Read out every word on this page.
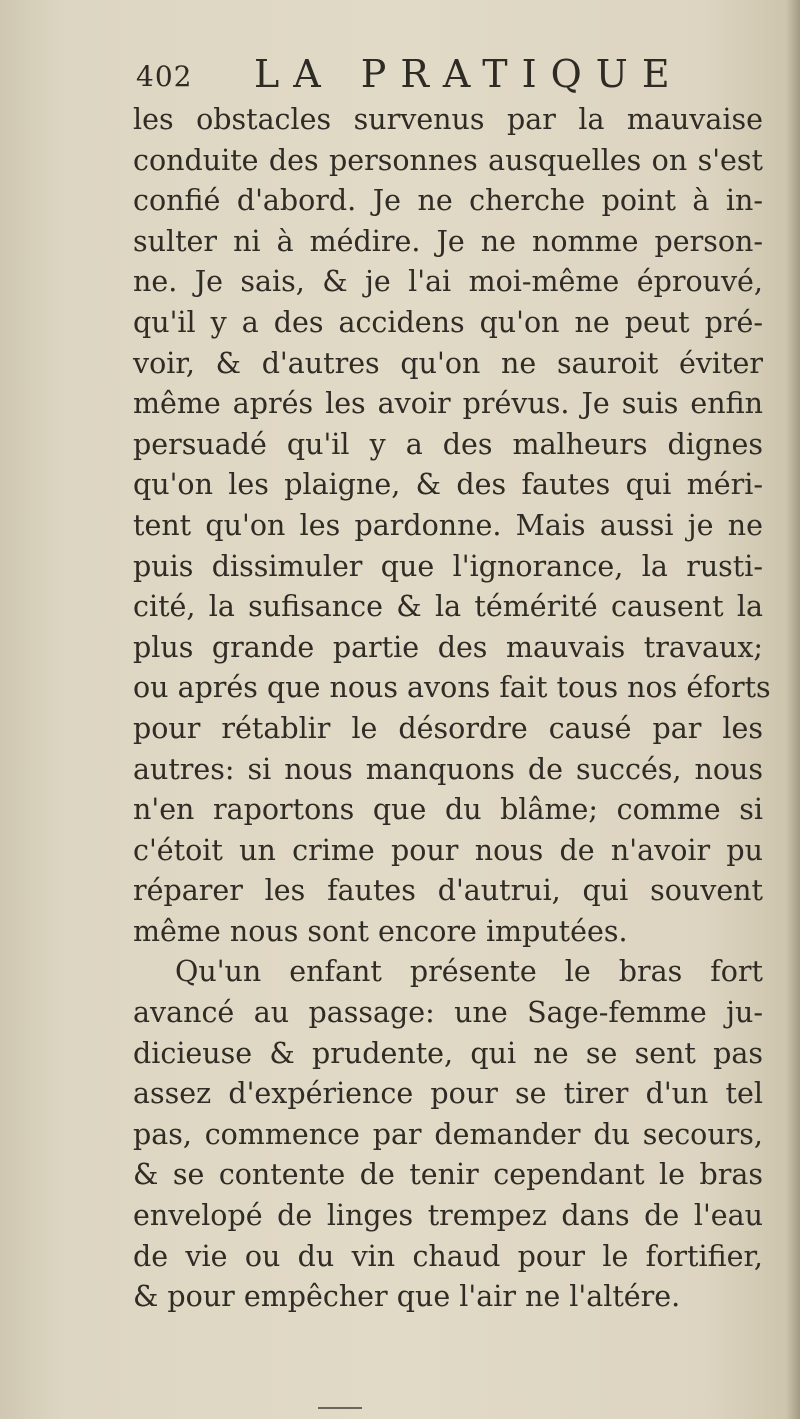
402 LA PRATIQUE
les obstacles survenus par la mauvaise
conduite des personnes ausquelles on s'est
confié d'abord. Je ne cherche point à in-
sulter ni à médire. Je ne nomme person-
ne. Je sais, & je l'ai moi-même éprouvé,
qu'il y a des accidens qu'on ne peut pré-
voir, & d'autres qu'on ne sauroit éviter
même aprés les avoir prévus. Je suis enfin
persuadé qu'il y a des malheurs dignes
qu'on les plaigne, & des fautes qui méri-
tent qu'on les pardonne. Mais aussi je ne
puis dissimuler que l'ignorance, la rusti-
cité, la sufisance & la témérité causent la
plus grande partie des mauvais travaux;
ou aprés que nous avons fait tous nos éforts
pour rétablir le désordre causé par les
autres: si nous manquons de succés, nous
n'en raportons que du blâme; comme si
c'étoit un crime pour nous de n'avoir pu
réparer les fautes d'autrui, qui souvent
même nous sont encore imputées.
Qu'un enfant présente le bras fort
avancé au passage: une Sage-femme ju-
dicieuse & prudente, qui ne se sent pas
assez d'expérience pour se tirer d'un tel
pas, commence par demander du secours,
& se contente de tenir cependant le bras
envelopé de linges trempez dans de l'eau
de vie ou du vin chaud pour le fortifier,
& pour empêcher que l'air ne l'altére.
